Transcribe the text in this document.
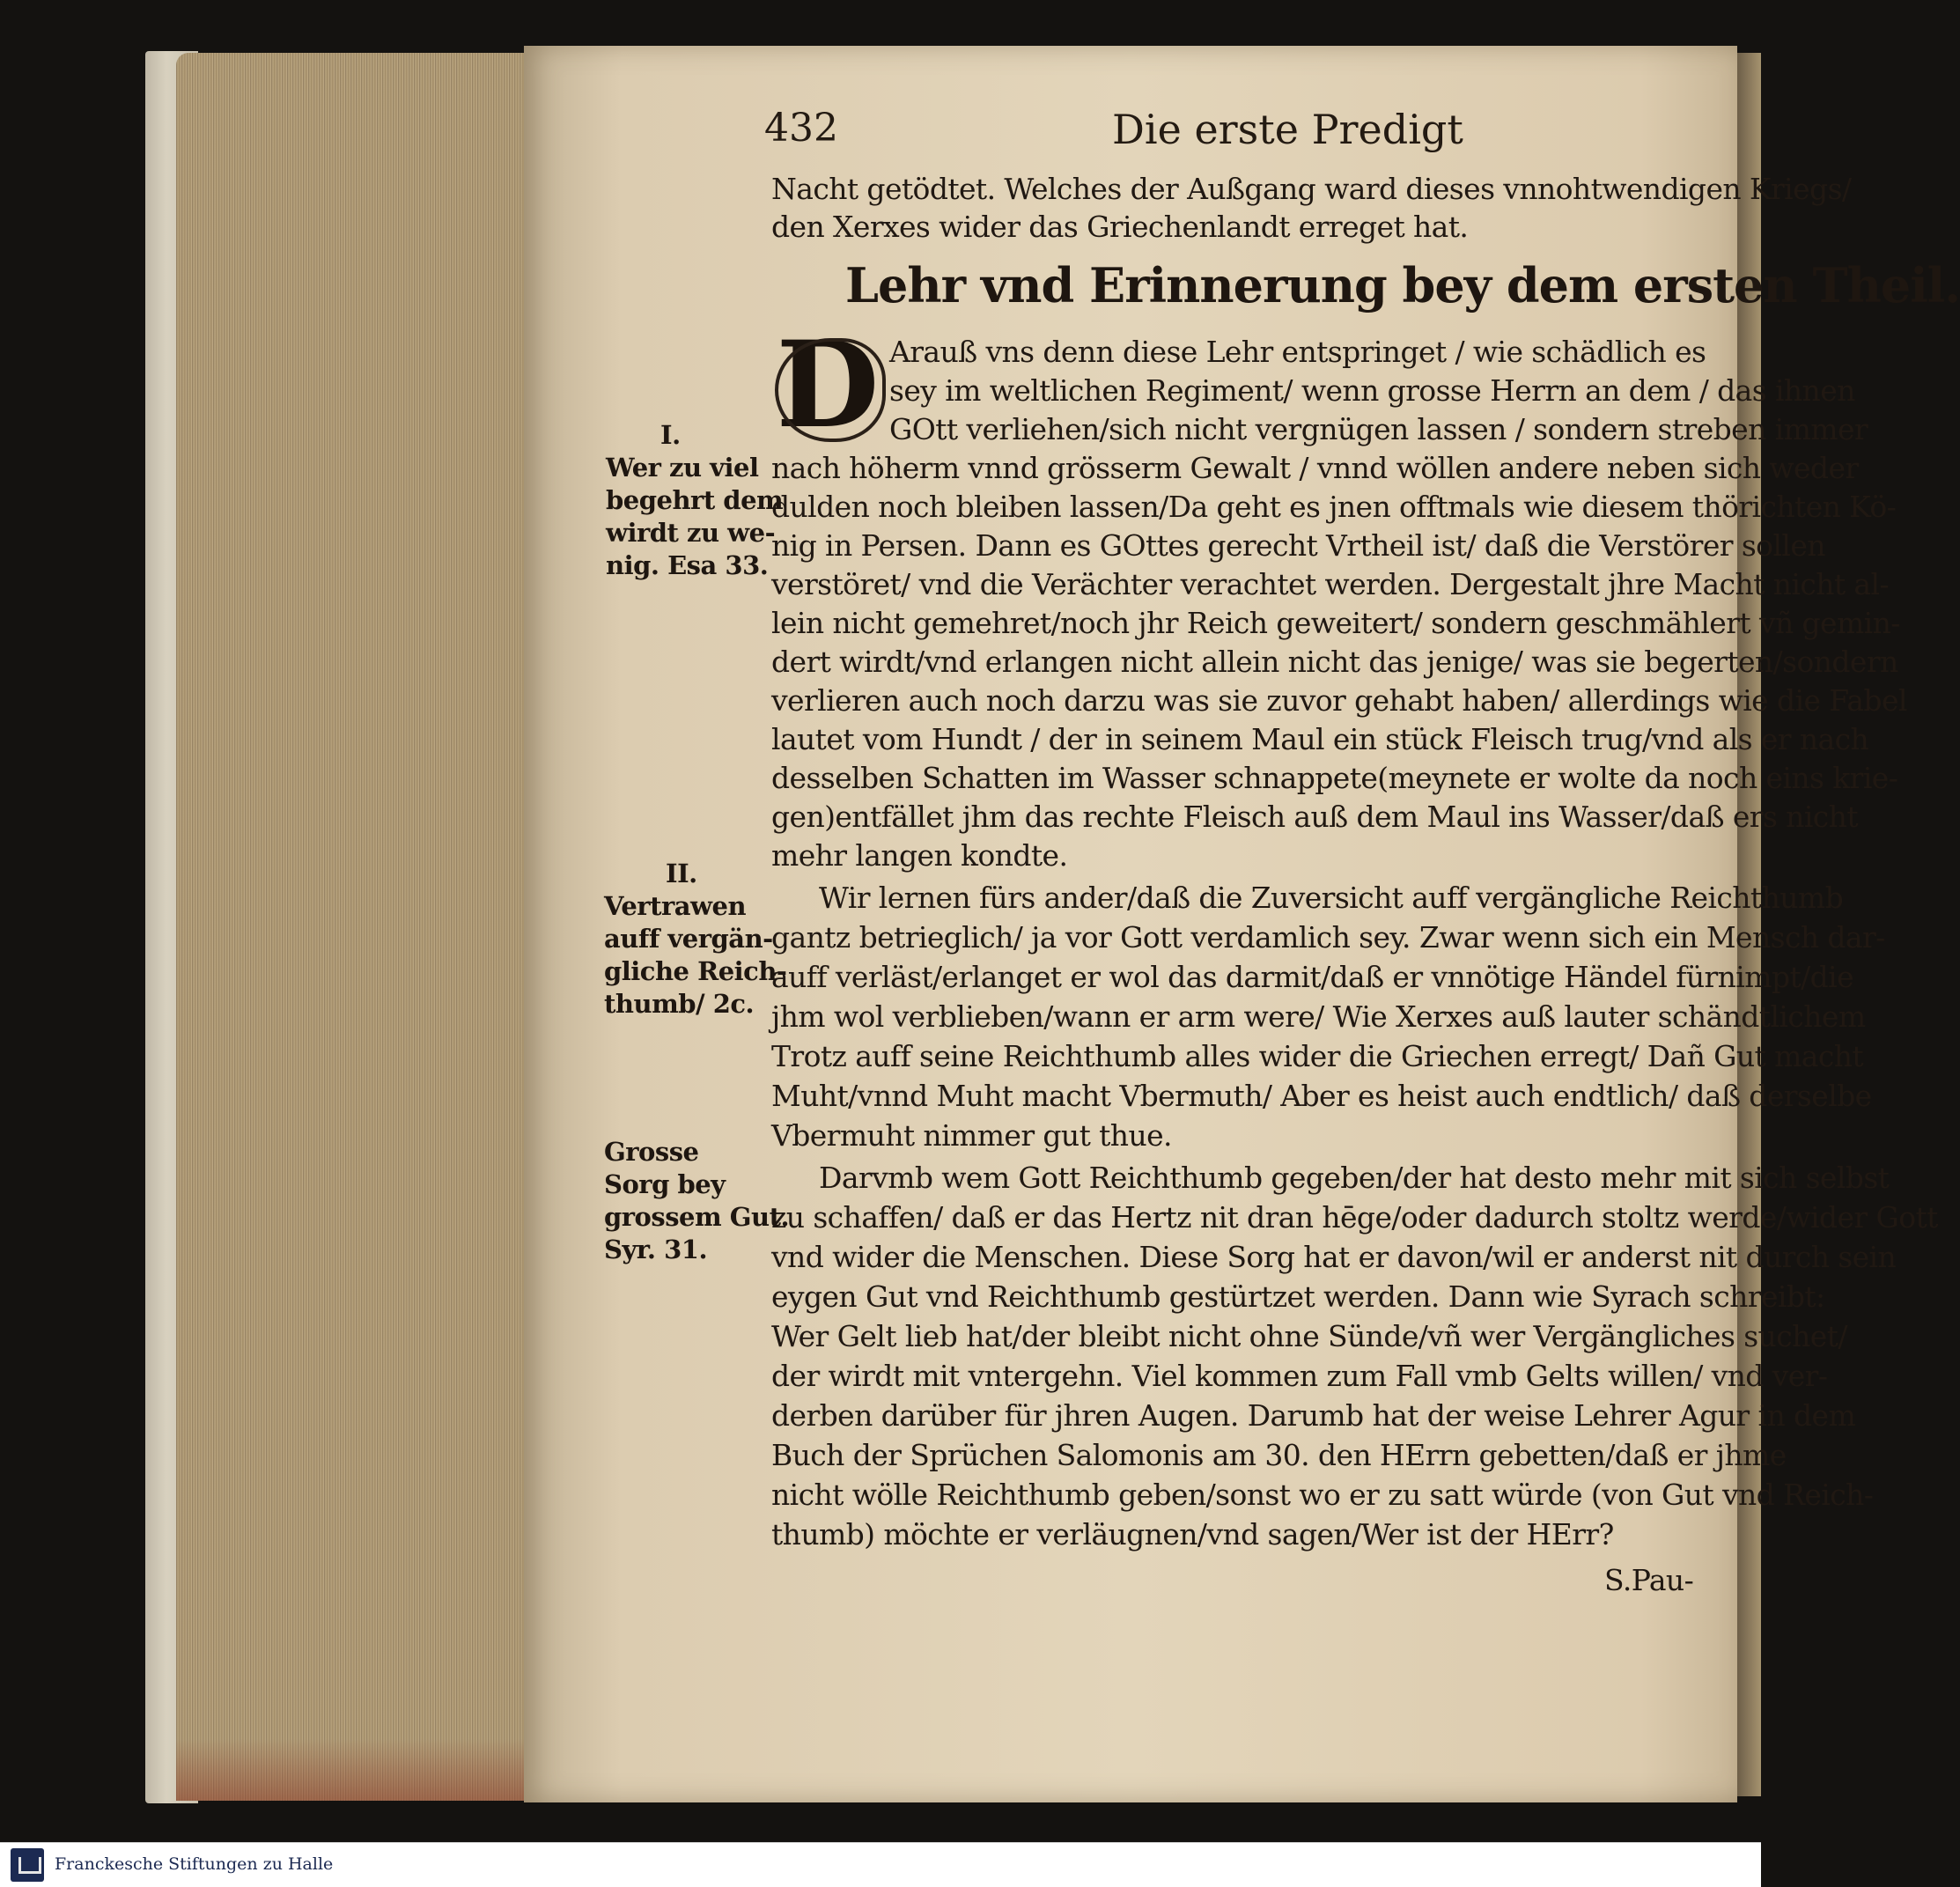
432	Die erste Predigt
Nacht getödtet. Welches der Außgang ward dieses vnnohtwendigen Kriegs/
den Xerxes wider das Griechenlandt erreget hat.
Lehr vnd Erinnerung bey dem ersten Theil.
D Arauß vns denn diese Lehr entspringet / wie schädlich es
sey im weltlichen Regiment/ wenn grosse Herrn an dem / das ihnen
GOtt verliehen/sich nicht vergnügen lassen / sondern streben immer
nach höherm vnnd grösserm Gewalt / vnnd wöllen andere neben sich weder
dulden noch bleiben lassen/Da geht es jnen offtmals wie diesem thörichten Kö-
nig in Persen. Dann es GOttes gerecht Vrtheil ist/ daß die Verstörer sollen
verstöret/ vnd die Verächter verachtet werden. Dergestalt jhre Macht nicht al-
lein nicht gemehret/noch jhr Reich geweitert/ sondern geschmählert vñ gemin-
dert wirdt/vnd erlangen nicht allein nicht das jenige/ was sie begerten/sondern
verlieren auch noch darzu was sie zuvor gehabt haben/ allerdings wie die Fabel
lautet vom Hundt / der in seinem Maul ein stück Fleisch trug/vnd als er nach
desselben Schatten im Wasser schnappete(meynete er wolte da noch eins krie-
gen)entfället jhm das rechte Fleisch auß dem Maul ins Wasser/daß ers nicht
mehr langen kondte.
Wir lernen fürs ander/daß die Zuversicht auff vergängliche Reichthumb
gantz betrieglich/ ja vor Gott verdamlich sey. Zwar wenn sich ein Mensch dar-
auff verläst/erlanget er wol das darmit/daß er vnnötige Händel fürnimpt/die
jhm wol verblieben/wann er arm were/ Wie Xerxes auß lauter schändtlichem
Trotz auff seine Reichthumb alles wider die Griechen erregt/ Dañ Gut macht
Muht/vnnd Muht macht Vbermuth/ Aber es heist auch endtlich/ daß derselbe
Vbermuht nimmer gut thue.
Darvmb wem Gott Reichthumb gegeben/der hat desto mehr mit sich selbst
zu schaffen/ daß er das Hertz nit dran hēge/oder dadurch stoltz werde/wider Gott
vnd wider die Menschen. Diese Sorg hat er davon/wil er anderst nit durch sein
eygen Gut vnd Reichthumb gestürtzet werden. Dann wie Syrach schreibt:
Wer Gelt lieb hat/der bleibt nicht ohne Sünde/vñ wer Vergängliches suchet/
der wirdt mit vntergehn. Viel kommen zum Fall vmb Gelts willen/ vnd ver-
derben darüber für jhren Augen. Darumb hat der weise Lehrer Agur in dem
Buch der Sprüchen Salomonis am 30. den HErrn gebetten/daß er jhme
nicht wölle Reichthumb geben/sonst wo er zu satt würde (von Gut vnd Reich-
thumb) möchte er verläugnen/vnd sagen/Wer ist der HErr?
S.Pau-
I.
Wer zu viel
begehrt dem
wirdt zu we-
nig. Esa 33.
II.
Vertrawen
auff vergän-
gliche Reich-
thumb/ 2c.
Grosse
Sorg bey
grossem Gut.
Syr. 31.
Franckesche Stiftungen zu Halle
